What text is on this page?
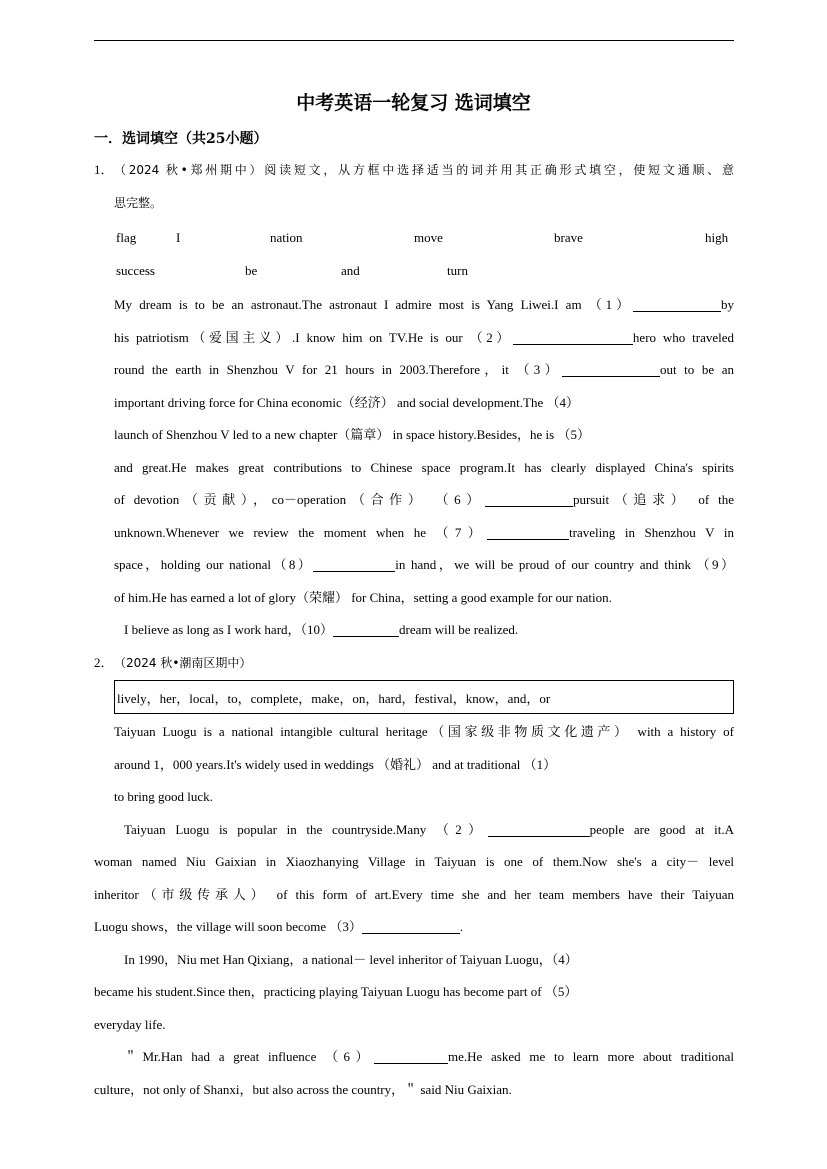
中考英语一轮复习 选词填空
一．选词填空（共25小题）
1． （2024 秋•郑州期中）阅读短文，从方框中选择适当的词并用其正确形式填空，使短文通顺、意
思完整。
flag	I	nation	move	brave	high
success	be	and	turn
My dream is to be an astronaut.The astronaut I admire most is Yang Liwei.I am （1）	by
his patriotism（爱国主义）.I know him on TV.He is our （2）	hero who traveled
round the earth in Shenzhou V for 21 hours in 2003.Therefore，it （3）	out to be an
important driving force for China economic（经济） and social development.The （4）
launch of Shenzhou V led to a new chapter（篇章） in space history.Besides，he is （5）
and great.He makes great contributions to Chinese space program.It has clearly displayed China's spirits
of devotion（贡献），co－operation（合作） （6）	pursuit（追求） of the
unknown.Whenever we review the moment when he （7）	traveling in Shenzhou V in
space，holding our national（8）	in hand，we will be proud of our country and think （9）
of him.He has earned a lot of glory（荣耀） for China，setting a good example for our nation.
I believe as long as I work hard，（10）	dream will be realized.
2． （2024 秋•潮南区期中）
lively，her，local，to，complete，make，on，hard，festival，know，and，or
Taiyuan Luogu is a national intangible cultural heritage（国家级非物质文化遗产） with a history of
around 1，000 years.It's widely used in weddings （婚礼） and at traditional （1）
to bring good luck.
Taiyuan Luogu is popular in the countryside.Many （2）	people are good at it.A
woman named Niu Gaixian in Xiaozhanying Village in Taiyuan is one of them.Now she's a city－ level
inheritor（市级传承人） of this form of art.Every time she and her team members have their Taiyuan
Luogu shows，the village will soon become （3）	.
In 1990，Niu met Han Qixiang，a national－ level inheritor of Taiyuan Luogu，（4）
became his student.Since then，practicing playing Taiyuan Luogu has become part of （5）
everyday life.
＂Mr.Han had a great influence （6）	me.He asked me to learn more about traditional
culture，not only of Shanxi，but also across the country，＂ said Niu Gaixian.
